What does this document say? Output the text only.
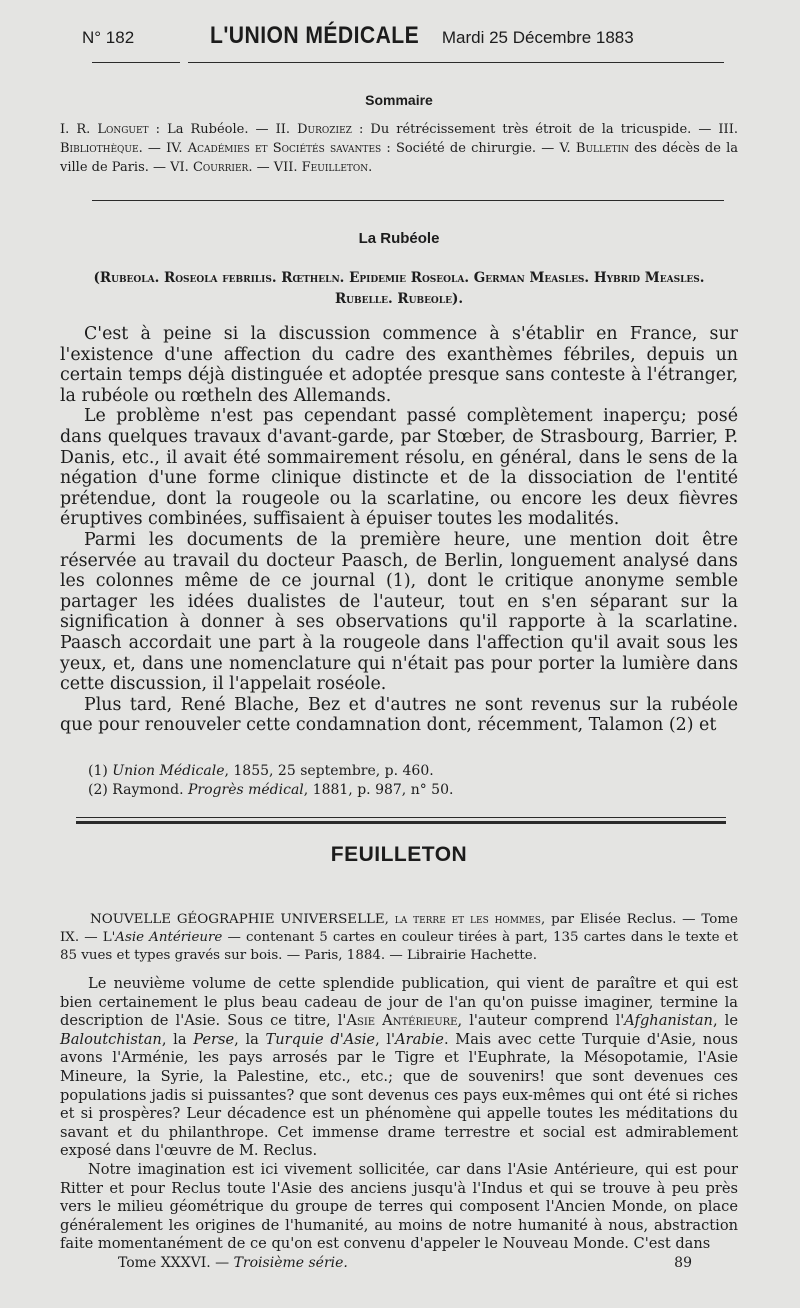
N° 182	L'UNION MÉDICALE Mardi 25 Décembre 1883
Sommaire
I. R. Longuet : La Rubéole. — II. Duroziez : Du rétrécissement très étroit de la tricuspide. — III. Bibliothèque. — IV. Académies et Sociétés savantes : Société de chirurgie. — V. Bulletin des décès de la ville de Paris. — VI. Courrier. — VII. Feuilleton.
La Rubéole
(Rubeola. Roseola febrilis. Rœtheln. Epidemie Roseola. German Measles. Hybrid Measles.
Rubelle. Rubeole).

C'est à peine si la discussion commence à s'établir en France, sur l'existence d'une affection du cadre des exanthèmes fébriles, depuis un certain temps déjà distinguée et adoptée presque sans conteste à l'étranger, la rubéole ou rœtheln des Allemands.

Le problème n'est pas cependant passé complètement inaperçu; posé dans quelques travaux d'avant-garde, par Stœber, de Strasbourg, Barrier, P. Danis, etc., il avait été sommairement résolu, en général, dans le sens de la négation d'une forme clinique distincte et de la dissociation de l'entité prétendue, dont la rougeole ou la scarlatine, ou encore les deux fièvres éruptives combinées, suffisaient à épuiser toutes les modalités.

Parmi les documents de la première heure, une mention doit être réservée au travail du docteur Paasch, de Berlin, longuement analysé dans les colonnes même de ce journal (1), dont le critique anonyme semble partager les idées dualistes de l'auteur, tout en s'en séparant sur la signification à donner à ses observations qu'il rapporte à la scarlatine. Paasch accordait une part à la rougeole dans l'affection qu'il avait sous les yeux, et, dans une nomenclature qui n'était pas pour porter la lumière dans cette discussion, il l'appelait roséole.

Plus tard, René Blache, Bez et d'autres ne sont revenus sur la rubéole que pour renouveler cette condamnation dont, récemment, Talamon (2) et

(1) Union Médicale, 1855, 25 septembre, p. 460.
(2) Raymond. Progrès médical, 1881, p. 987, n° 50.
FEUILLETON
NOUVELLE GÉOGRAPHIE UNIVERSELLE, la terre et les hommes, par Elisée Reclus. — Tome IX. — L'Asie Antérieure — contenant 5 cartes en couleur tirées à part, 135 cartes dans le texte et 85 vues et types gravés sur bois. — Paris, 1884. — Librairie Hachette.

Le neuvième volume de cette splendide publication, qui vient de paraître et qui est bien certainement le plus beau cadeau de jour de l'an qu'on puisse imaginer, termine la description de l'Asie. Sous ce titre, l'Asie Antérieure, l'auteur comprend l'Afghanistan, le Baloutchistan, la Perse, la Turquie d'Asie, l'Arabie. Mais avec cette Turquie d'Asie, nous avons l'Arménie, les pays arrosés par le Tigre et l'Euphrate, la Mésopotamie, l'Asie Mineure, la Syrie, la Palestine, etc., etc.; que de souvenirs! que sont devenues ces populations jadis si puissantes? que sont devenus ces pays eux-mêmes qui ont été si riches et si prospères? Leur décadence est un phénomène qui appelle toutes les méditations du savant et du philanthrope. Cet immense drame terrestre et social est admirablement exposé dans l'œuvre de M. Reclus.

Notre imagination est ici vivement sollicitée, car dans l'Asie Antérieure, qui est pour Ritter et pour Reclus toute l'Asie des anciens jusqu'à l'Indus et qui se trouve à peu près vers le milieu géométrique du groupe de terres qui composent l'Ancien Monde, on place généralement les origines de l'humanité, au moins de notre humanité à nous, abstraction faite momentanément de ce qu'on est convenu d'appeler le Nouveau Monde. C'est dans

Tome XXXVI. — Troisième série.	89
